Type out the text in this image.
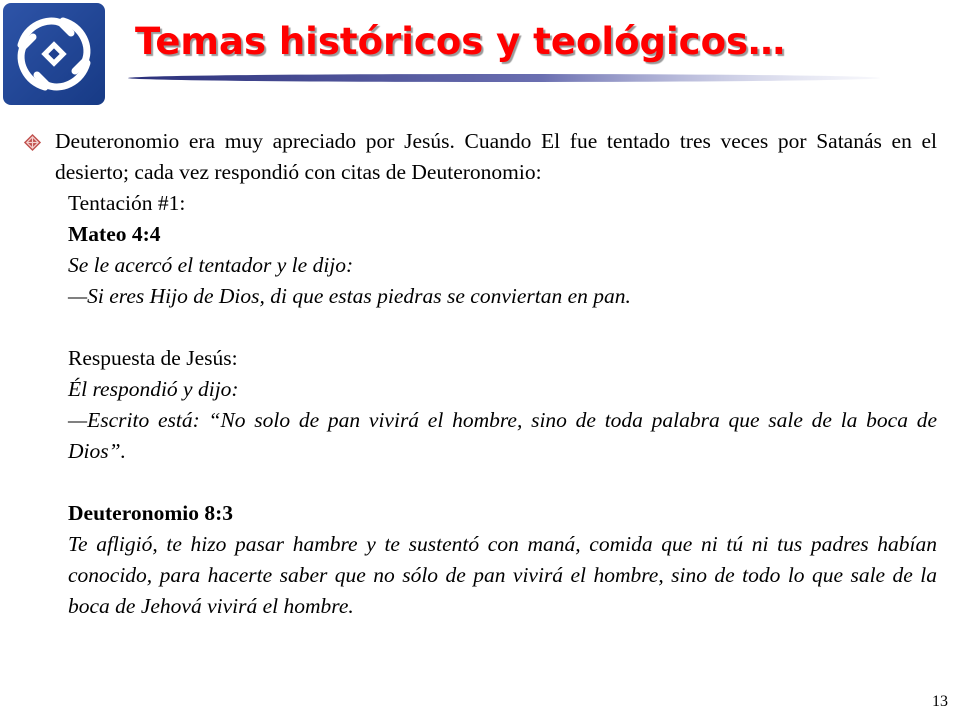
Temas históricos y teológicos…

Deuteronomio era muy apreciado por Jesús. Cuando El fue tentado tres veces por Satanás en el desierto; cada vez respondió con citas de Deuteronomio:

Tentación #1:

Mateo 4:4

Se le acercó el tentador y le dijo:

—Si eres Hijo de Dios, di que estas piedras se conviertan en pan.

Respuesta de Jesús:

Él respondió y dijo:

—Escrito está: “No solo de pan vivirá el hombre, sino de toda palabra que sale de la boca de Dios”.

Deuteronomio 8:3

Te afligió, te hizo pasar hambre y te sustentó con maná, comida que ni tú ni tus padres habían conocido, para hacerte saber que no sólo de pan vivirá el hombre, sino de todo lo que sale de la boca de Jehová vivirá el hombre.

13
